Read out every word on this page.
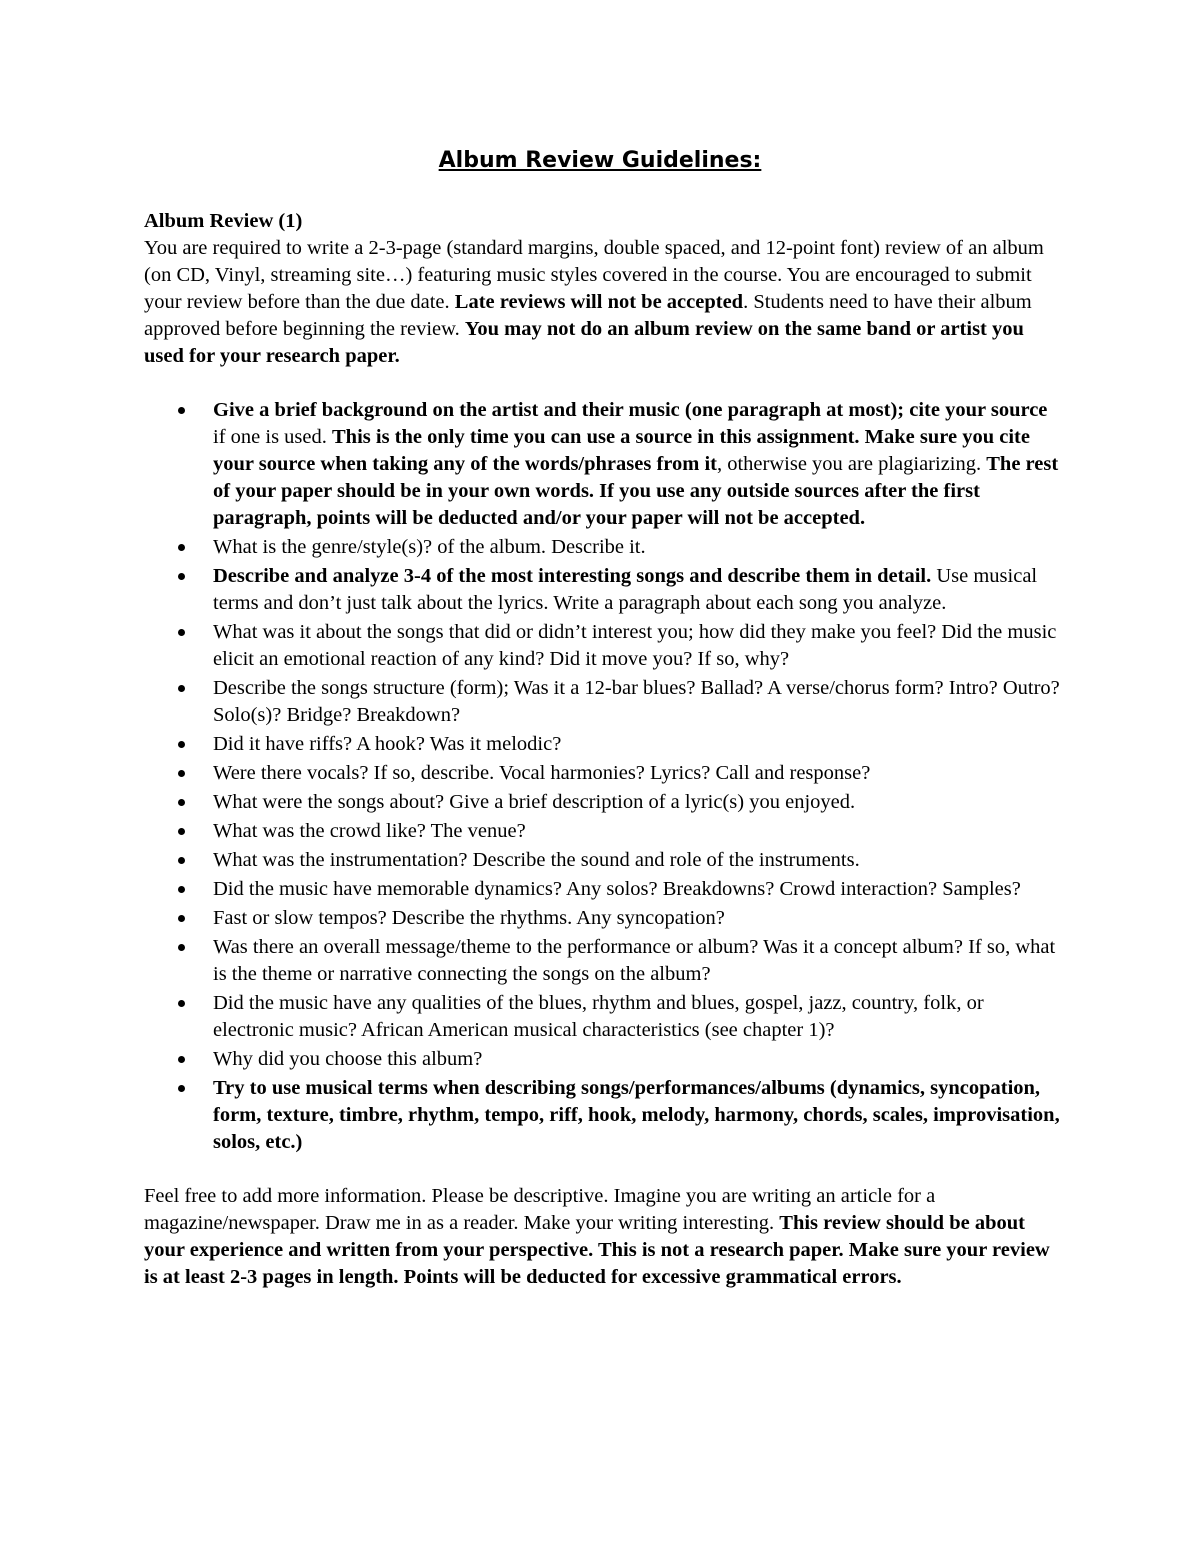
Album Review Guidelines:
Album Review (1)

You are required to write a 2-3-page (standard margins, double spaced, and 12-point font) review of an album (on CD, Vinyl, streaming site…) featuring music styles covered in the course. You are encouraged to submit your review before than the due date. Late reviews will not be accepted. Students need to have their album approved before beginning the review. You may not do an album review on the same band or artist you used for your research paper.

Give a brief background on the artist and their music (one paragraph at most); cite your source if one is used. This is the only time you can use a source in this assignment. Make sure you cite your source when taking any of the words/phrases from it, otherwise you are plagiarizing. The rest of your paper should be in your own words. If you use any outside sources after the first paragraph, points will be deducted and/or your paper will not be accepted.
What is the genre/style(s)? of the album. Describe it.
Describe and analyze 3-4 of the most interesting songs and describe them in detail. Use musical terms and don’t just talk about the lyrics. Write a paragraph about each song you analyze.
What was it about the songs that did or didn’t interest you; how did they make you feel? Did the music elicit an emotional reaction of any kind? Did it move you? If so, why?
Describe the songs structure (form); Was it a 12-bar blues? Ballad? A verse/chorus form? Intro? Outro? Solo(s)? Bridge? Breakdown?
Did it have riffs? A hook? Was it melodic?
Were there vocals? If so, describe. Vocal harmonies? Lyrics? Call and response?
What were the songs about? Give a brief description of a lyric(s) you enjoyed.
What was the crowd like? The venue?
What was the instrumentation? Describe the sound and role of the instruments.
Did the music have memorable dynamics? Any solos? Breakdowns? Crowd interaction? Samples?
Fast or slow tempos? Describe the rhythms. Any syncopation?
Was there an overall message/theme to the performance or album? Was it a concept album? If so, what is the theme or narrative connecting the songs on the album?
Did the music have any qualities of the blues, rhythm and blues, gospel, jazz, country, folk, or electronic music? African American musical characteristics (see chapter 1)?
Why did you choose this album?
Try to use musical terms when describing songs/performances/albums (dynamics, syncopation, form, texture, timbre, rhythm, tempo, riff, hook, melody, harmony, chords, scales, improvisation, solos, etc.)

Feel free to add more information. Please be descriptive. Imagine you are writing an article for a magazine/newspaper. Draw me in as a reader. Make your writing interesting. This review should be about your experience and written from your perspective. This is not a research paper. Make sure your review is at least 2-3 pages in length. Points will be deducted for excessive grammatical errors.
